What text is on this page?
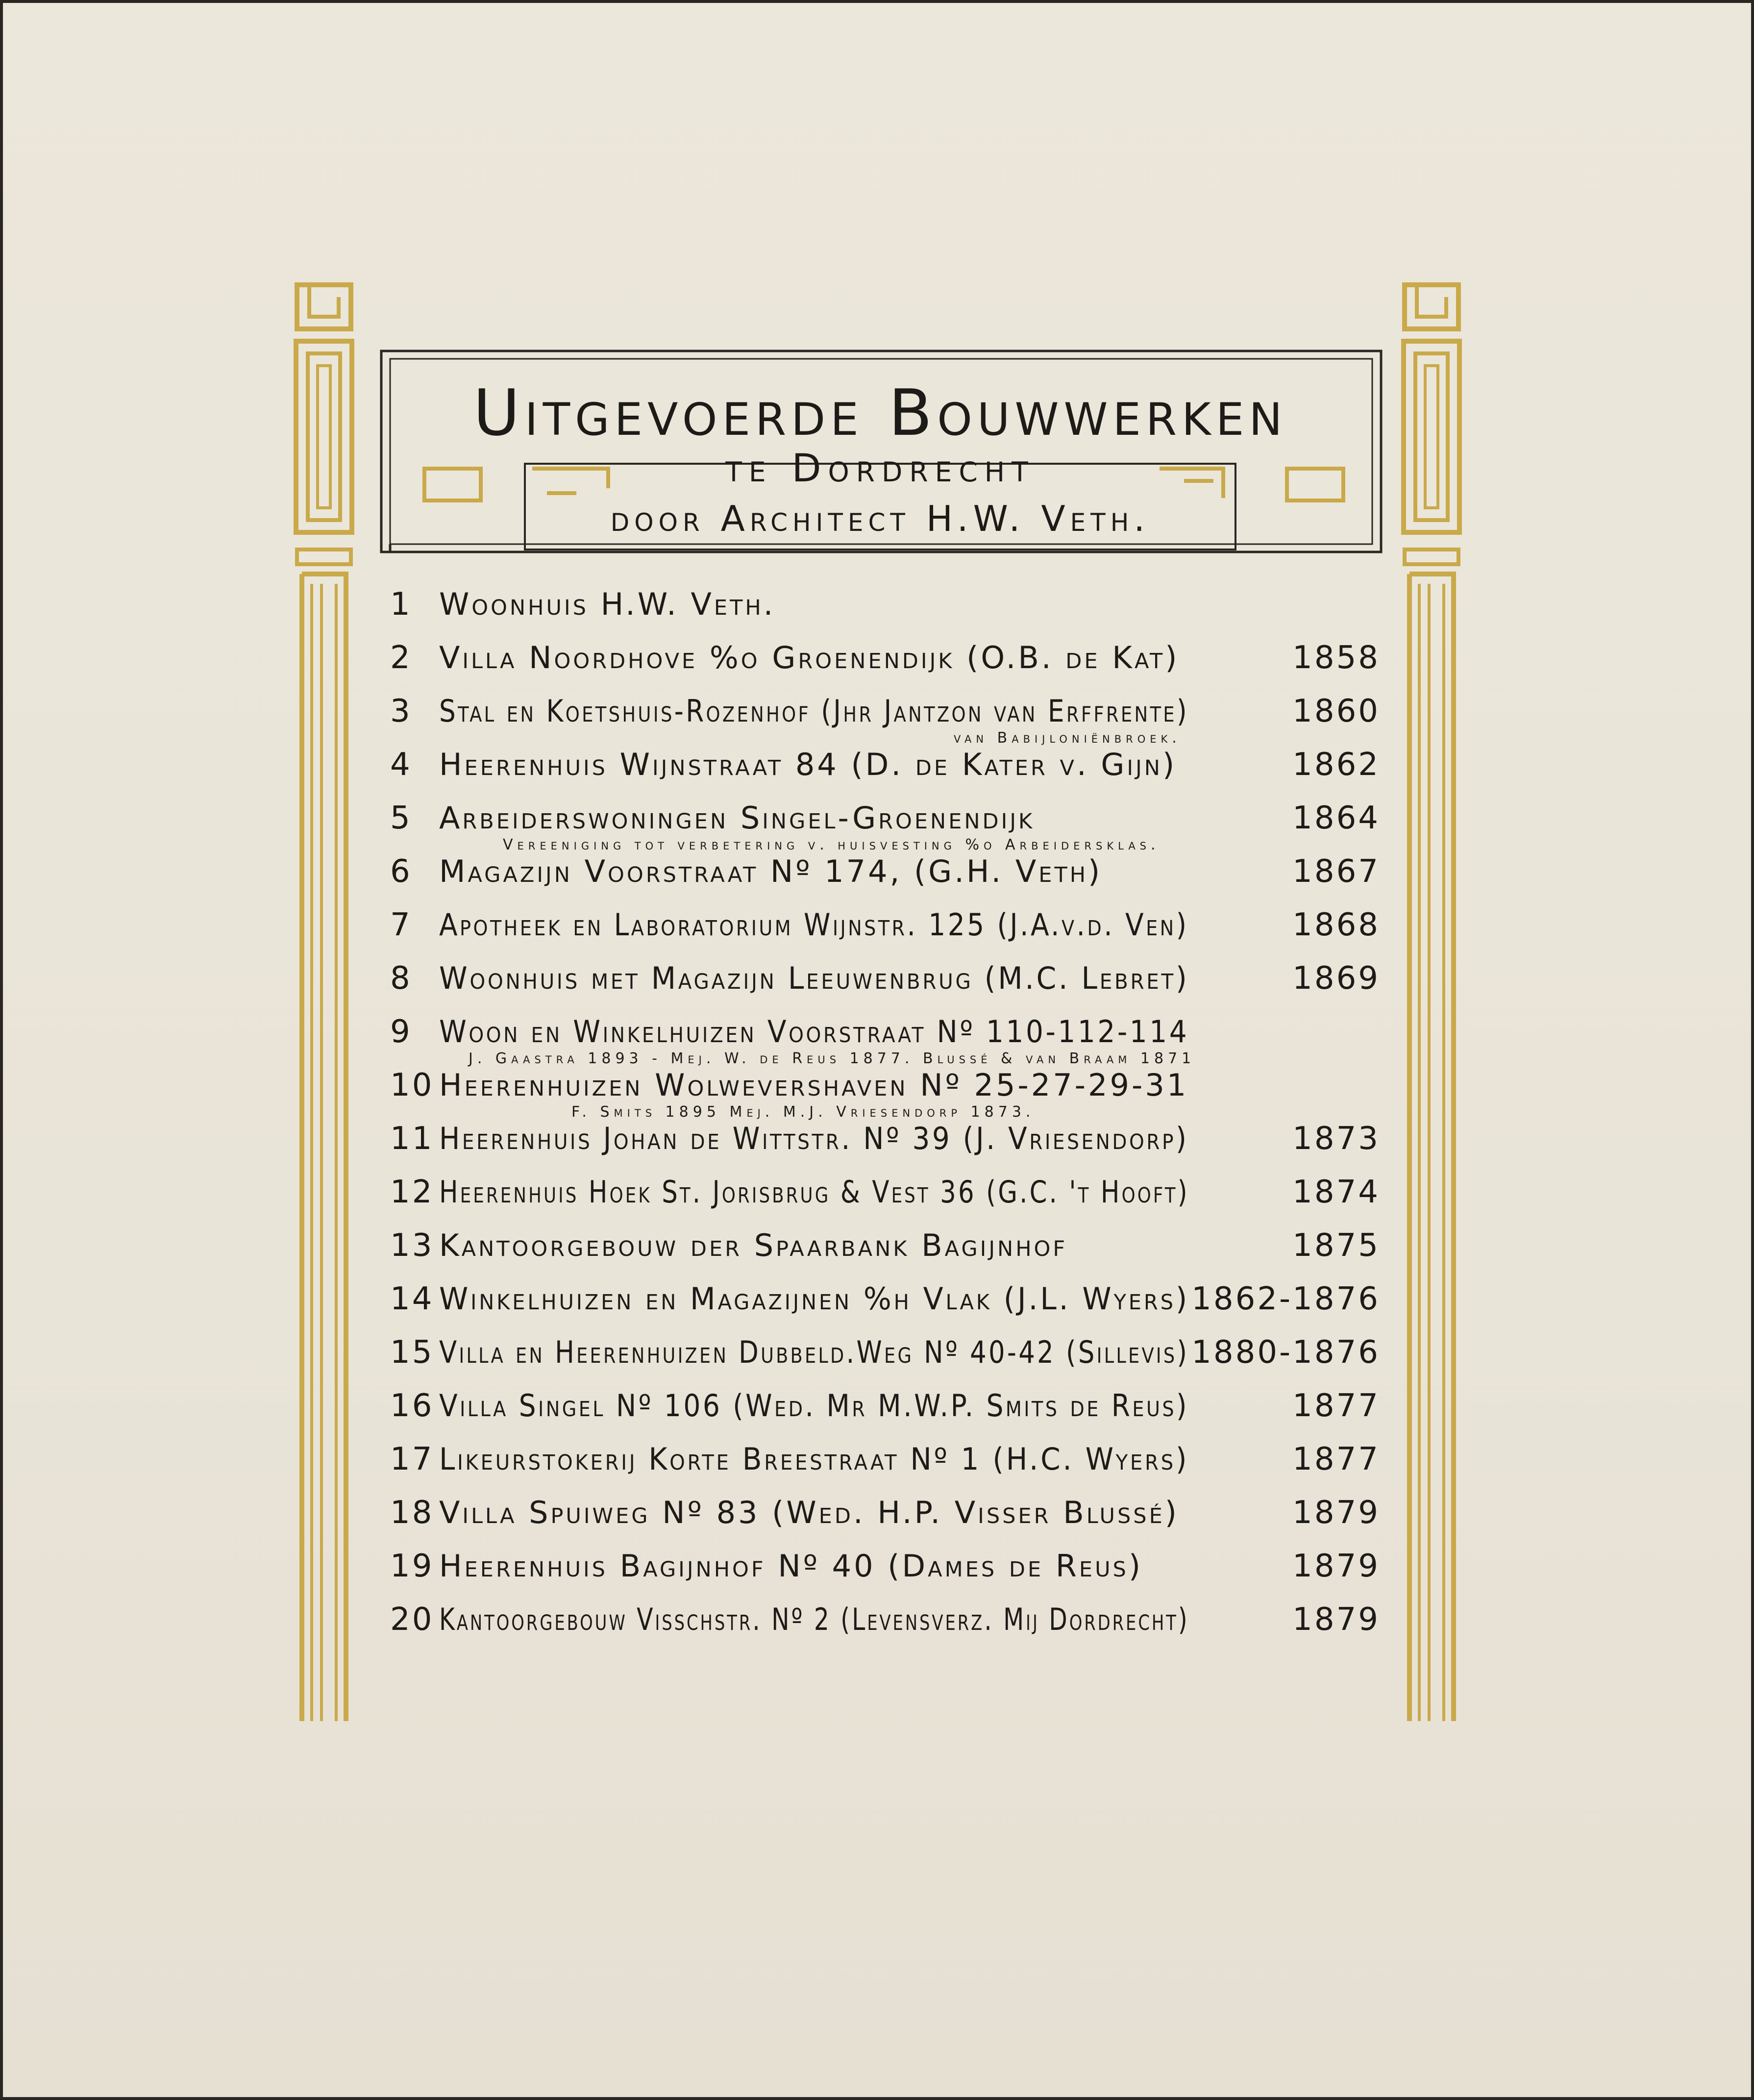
Uitgevoerde Bouwwerken
te Dordrecht
door Architect H.W. Veth.
1 Woonhuis H.W. Veth.
2 Villa Noordhove %o Groenendijk (O.B. de Kat)	1858
3 Stal en Koetshuis-Rozenhof (Jhr Jantzon van Erffrente)	1860
van Babijloniënbroek.
4 Heerenhuis Wijnstraat 84 (D. de Kater v. Gijn)	1862
5 Arbeiderswoningen Singel-Groenendijk	1864
Vereeniging tot verbetering v. huisvesting %o Arbeidersklas.
6 Magazijn Voorstraat Nº 174, (G.H. Veth)	1867
7 Apotheek en Laboratorium Wijnstr. 125 (J.A.v.d. Ven)	1868
8 Woonhuis met Magazijn Leeuwenbrug (M.C. Lebret)	1869
9 Woon en Winkelhuizen Voorstraat Nº 110-112-114
J. Gaastra 1893 - Mej. W. de Reus 1877. Blussé & van Braam 1871
10 Heerenhuizen Wolwevershaven Nº 25-27-29-31
F. Smits 1895 Mej. M.J. Vriesendorp 1873.
11 Heerenhuis Johan de Wittstr. Nº 39 (J. Vriesendorp)	1873
12 Heerenhuis Hoek St. Jorisbrug & Vest 36 (G.C. 't Hooft)	1874
13 Kantoorgebouw der Spaarbank Bagijnhof	1875
14 Winkelhuizen en Magazijnen %h Vlak (J.L. Wyers) 1862-1876
15 Villa en Heerenhuizen Dubbeld.Weg Nº 40-42 (Sillevis) 1880-1876
16 Villa Singel Nº 106 (Wed. Mr M.W.P. Smits de Reus)	1877
17 Likeurstokerij Korte Breestraat Nº 1 (H.C. Wyers)	1877
18 Villa Spuiweg Nº 83 (Wed. H.P. Visser Blussé)	1879
19 Heerenhuis Bagijnhof Nº 40 (Dames de Reus)	1879
20 Kantoorgebouw Visschstr. Nº 2 (Levensverz. Mij Dordrecht)	1879
